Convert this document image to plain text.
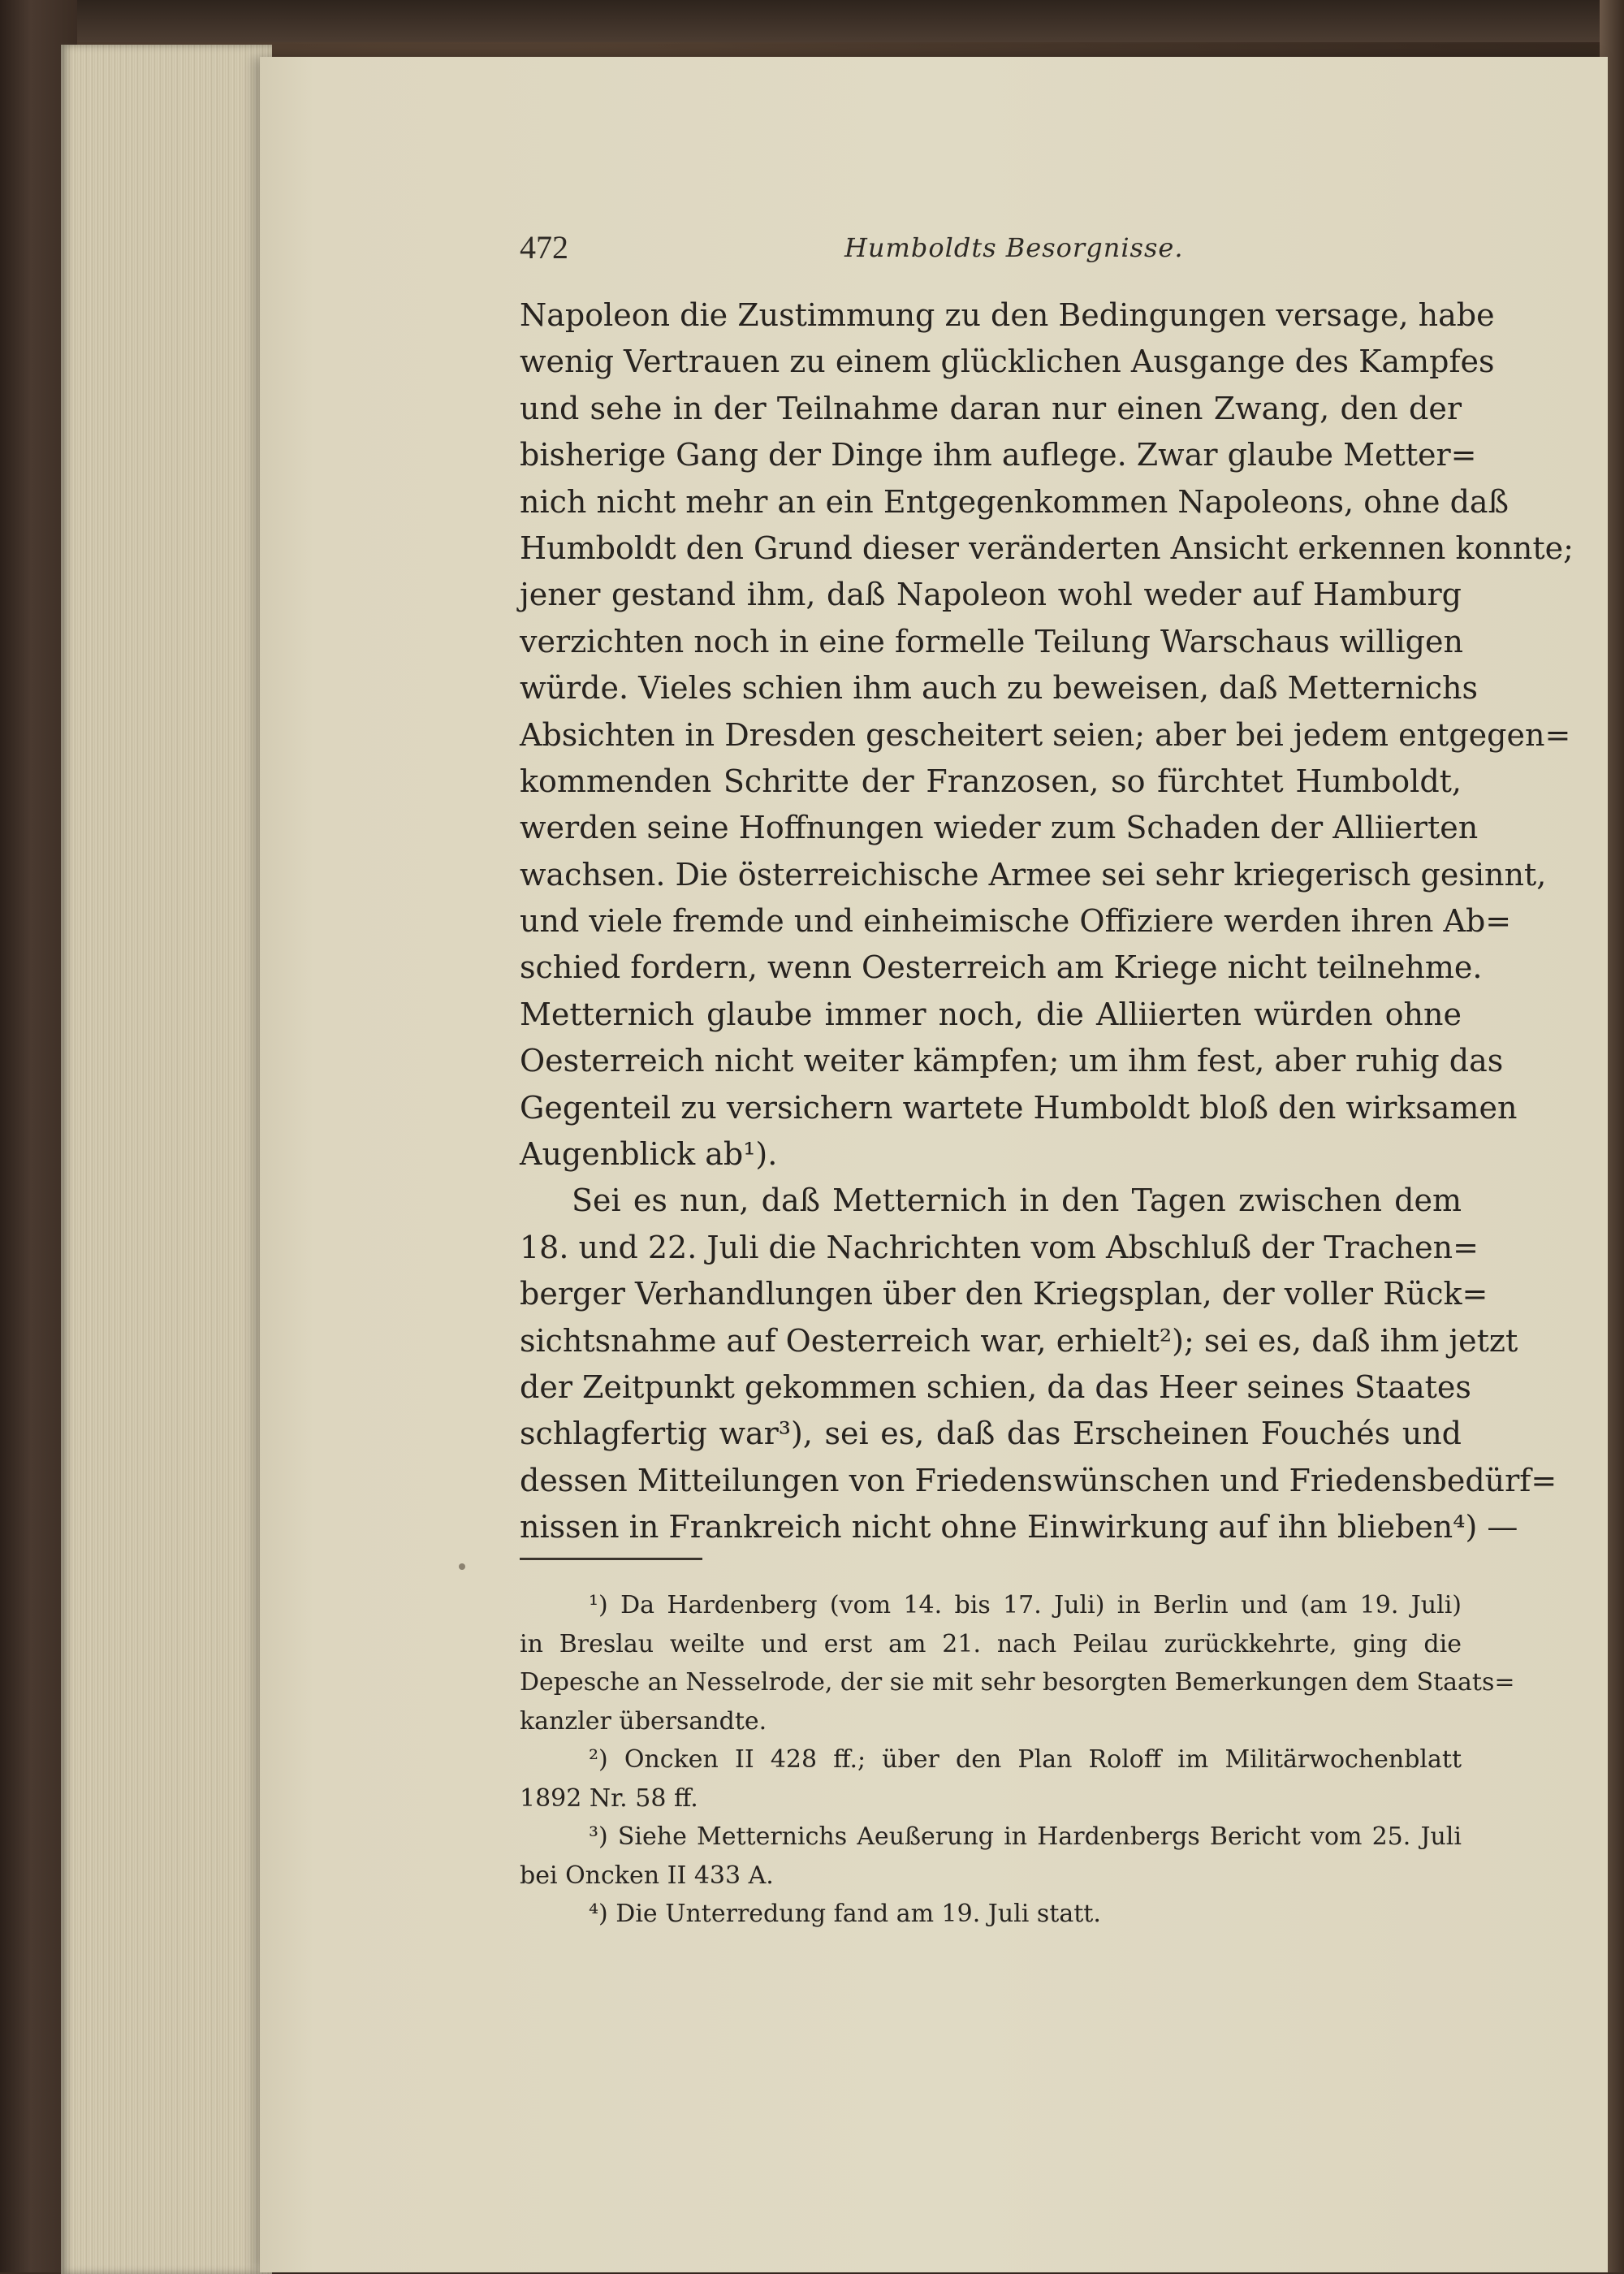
472	Humboldts Besorgnisse.
Napoleon die Zustimmung zu den Bedingungen versage, habe
wenig Vertrauen zu einem glücklichen Ausgange des Kampfes
und sehe in der Teilnahme daran nur einen Zwang, den der
bisherige Gang der Dinge ihm auflege. Zwar glaube Metter=
nich nicht mehr an ein Entgegenkommen Napoleons, ohne daß
Humboldt den Grund dieser veränderten Ansicht erkennen konnte;
jener gestand ihm, daß Napoleon wohl weder auf Hamburg
verzichten noch in eine formelle Teilung Warschaus willigen
würde. Vieles schien ihm auch zu beweisen, daß Metternichs
Absichten in Dresden gescheitert seien; aber bei jedem entgegen=
kommenden Schritte der Franzosen, so fürchtet Humboldt,
werden seine Hoffnungen wieder zum Schaden der Alliierten
wachsen. Die österreichische Armee sei sehr kriegerisch gesinnt,
und viele fremde und einheimische Offiziere werden ihren Ab=
schied fordern, wenn Oesterreich am Kriege nicht teilnehme.
Metternich glaube immer noch, die Alliierten würden ohne
Oesterreich nicht weiter kämpfen; um ihm fest, aber ruhig das
Gegenteil zu versichern wartete Humboldt bloß den wirksamen
Augenblick ab¹).
Sei es nun, daß Metternich in den Tagen zwischen dem
18. und 22. Juli die Nachrichten vom Abschluß der Trachen=
berger Verhandlungen über den Kriegsplan, der voller Rück=
sichtsnahme auf Oesterreich war, erhielt²); sei es, daß ihm jetzt
der Zeitpunkt gekommen schien, da das Heer seines Staates
schlagfertig war³), sei es, daß das Erscheinen Fouchés und
dessen Mitteilungen von Friedenswünschen und Friedensbedürf=
nissen in Frankreich nicht ohne Einwirkung auf ihn blieben⁴) —
¹) Da Hardenberg (vom 14. bis 17. Juli) in Berlin und (am 19. Juli)
in Breslau weilte und erst am 21. nach Peilau zurückkehrte, ging die
Depesche an Nesselrode, der sie mit sehr besorgten Bemerkungen dem Staats=
kanzler übersandte.
²) Oncken II 428 ff.; über den Plan Roloff im Militärwochenblatt
1892 Nr. 58 ff.
³) Siehe Metternichs Aeußerung in Hardenbergs Bericht vom 25. Juli
bei Oncken II 433 A.
⁴) Die Unterredung fand am 19. Juli statt.
